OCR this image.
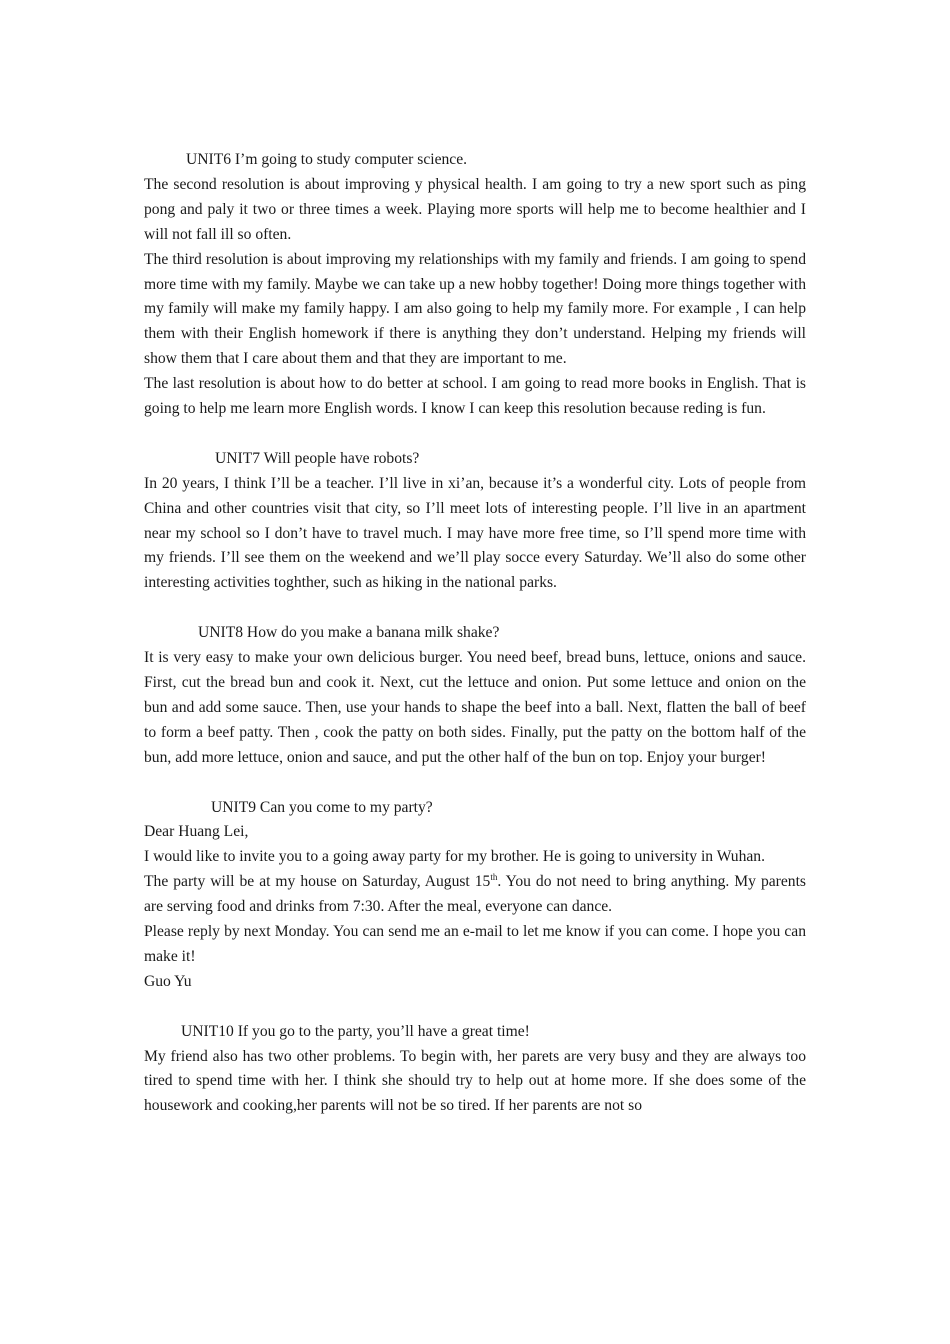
UNIT6 I’m going to study computer science.
The second resolution is about improving y physical health. I am going to try a new sport such as ping pong and paly it two or three times a week. Playing more sports will help me to become healthier and I will not fall ill so often.
The third resolution is about improving my relationships with my family and friends. I am going to spend more time with my family. Maybe we can take up a new hobby together! Doing more things together with my family will make my family happy. I am also going to help my family more. For example , I can help them with their English homework if there is anything they don’t understand. Helping my friends will show them that I care about them and that they are important to me.
The last resolution is about how to do better at school. I am going to read more books in English. That is going to help me learn more English words. I know I can keep this resolution because reding is fun.
UNIT7 Will people have robots?
In 20 years, I think I’ll be a teacher. I’ll live in xi’an, because it’s a wonderful city. Lots of people from China and other countries visit that city, so I’ll meet lots of interesting people. I’ll live in an apartment near my school so I don’t have to travel much. I may have more free time, so I’ll spend more time with my friends. I’ll see them on the weekend and we’ll play socce every Saturday. We’ll also do some other interesting activities toghther, such as hiking in the national parks.
UNIT8 How do you make a banana milk shake?
It is very easy to make your own delicious burger. You need beef, bread buns, lettuce, onions and sauce. First, cut the bread bun and cook it. Next, cut the lettuce and onion. Put some lettuce and onion on the bun and add some sauce. Then, use your hands to shape the beef into a ball. Next, flatten the ball of beef to form a beef patty. Then , cook the patty on both sides. Finally, put the patty on the bottom half of the bun, add more lettuce, onion and sauce, and put the other half of the bun on top. Enjoy your burger!
UNIT9 Can you come to my party?
Dear Huang Lei,
I would like to invite you to a going away party for my brother. He is going to university in Wuhan.
The party will be at my house on Saturday, August 15th. You do not need to bring anything. My parents are serving food and drinks from 7:30. After the meal, everyone can dance.
Please reply by next Monday. You can send me an e-mail to let me know if you can come. I hope you can make it!
Guo Yu
UNIT10 If you go to the party, you’ll have a great time!
My friend also has two other problems. To begin with, her parets are very busy and they are always too tired to spend time with her. I think she should try to help out at home more. If she does some of the housework and cooking,her parents will not be so tired. If her parents are not so
